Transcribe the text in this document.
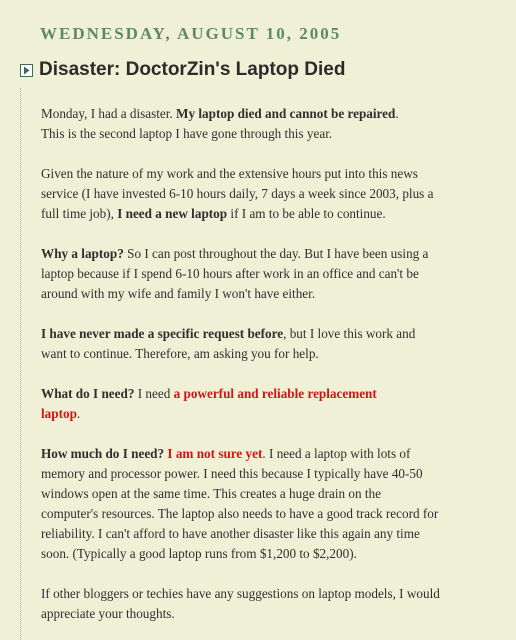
WEDNESDAY, AUGUST 10, 2005
Disaster: DoctorZin's Laptop Died

Monday, I had a disaster. My laptop died and cannot be repaired.
This is the second laptop I have gone through this year.

Given the nature of my work and the extensive hours put into this news
service (I have invested 6-10 hours daily, 7 days a week since 2003, plus a
full time job), I need a new laptop if I am to be able to continue.

Why a laptop? So I can post throughout the day. But I have been using a
laptop because if I spend 6-10 hours after work in an office and can't be
around with my wife and family I won't have either.

I have never made a specific request before, but I love this work and
want to continue. Therefore, am asking you for help.

What do I need? I need a powerful and reliable replacement
laptop.

How much do I need? I am not sure yet. I need a laptop with lots of
memory and processor power. I need this because I typically have 40-50
windows open at the same time. This creates a huge drain on the
computer's resources. The laptop also needs to have a good track record for
reliability. I can't afford to have another disaster like this again any time
soon. (Typically a good laptop runs from $1,200 to $2,200).

If other bloggers or techies have any suggestions on laptop models, I would
appreciate your thoughts.
